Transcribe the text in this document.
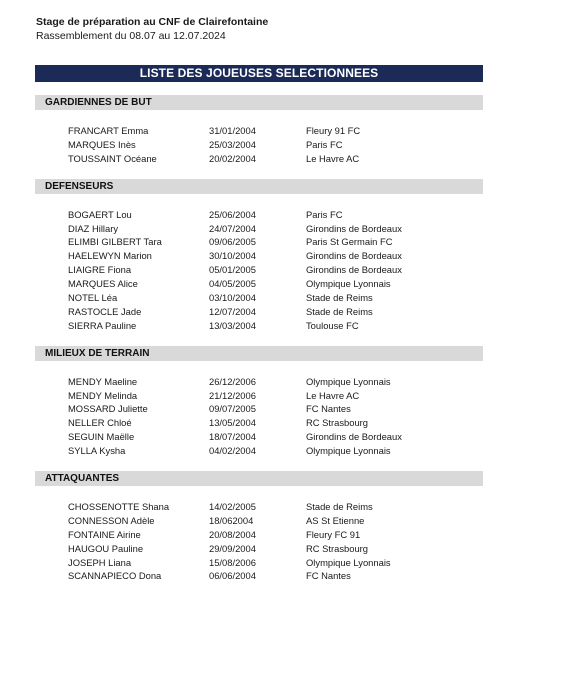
Stage de préparation au CNF de Clairefontaine
Rassemblement du 08.07 au 12.07.2024
LISTE DES JOUEUSES SELECTIONNEES
GARDIENNES DE BUT
FRANCART Emma	31/01/2004	Fleury 91 FC
MARQUES Inès	25/03/2004	Paris FC
TOUSSAINT Océane	20/02/2004	Le Havre AC
DEFENSEURS
BOGAERT Lou	25/06/2004	Paris FC
DIAZ Hillary	24/07/2004	Girondins de Bordeaux
ELIMBI GILBERT Tara	09/06/2005	Paris St Germain FC
HAELEWYN Marion	30/10/2004	Girondins de Bordeaux
LIAIGRE Fiona	05/01/2005	Girondins de Bordeaux
MARQUES Alice	04/05/2005	Olympique Lyonnais
NOTEL Léa	03/10/2004	Stade de Reims
RASTOCLE Jade	12/07/2004	Stade de Reims
SIERRA Pauline	13/03/2004	Toulouse FC
MILIEUX DE TERRAIN
MENDY Maeline	26/12/2006	Olympique Lyonnais
MENDY Melinda	21/12/2006	Le Havre AC
MOSSARD Juliette	09/07/2005	FC Nantes
NELLER Chloé	13/05/2004	RC Strasbourg
SEGUIN Maëlle	18/07/2004	Girondins de Bordeaux
SYLLA Kysha	04/02/2004	Olympique Lyonnais
ATTAQUANTES
CHOSSENOTTE Shana	14/02/2005	Stade de Reims
CONNESSON Adèle	18/062004	AS St Etienne
FONTAINE Airine	20/08/2004	Fleury FC 91
HAUGOU Pauline	29/09/2004	RC Strasbourg
JOSEPH Liana	15/08/2006	Olympique Lyonnais
SCANNAPIECO Dona	06/06/2004	FC Nantes
